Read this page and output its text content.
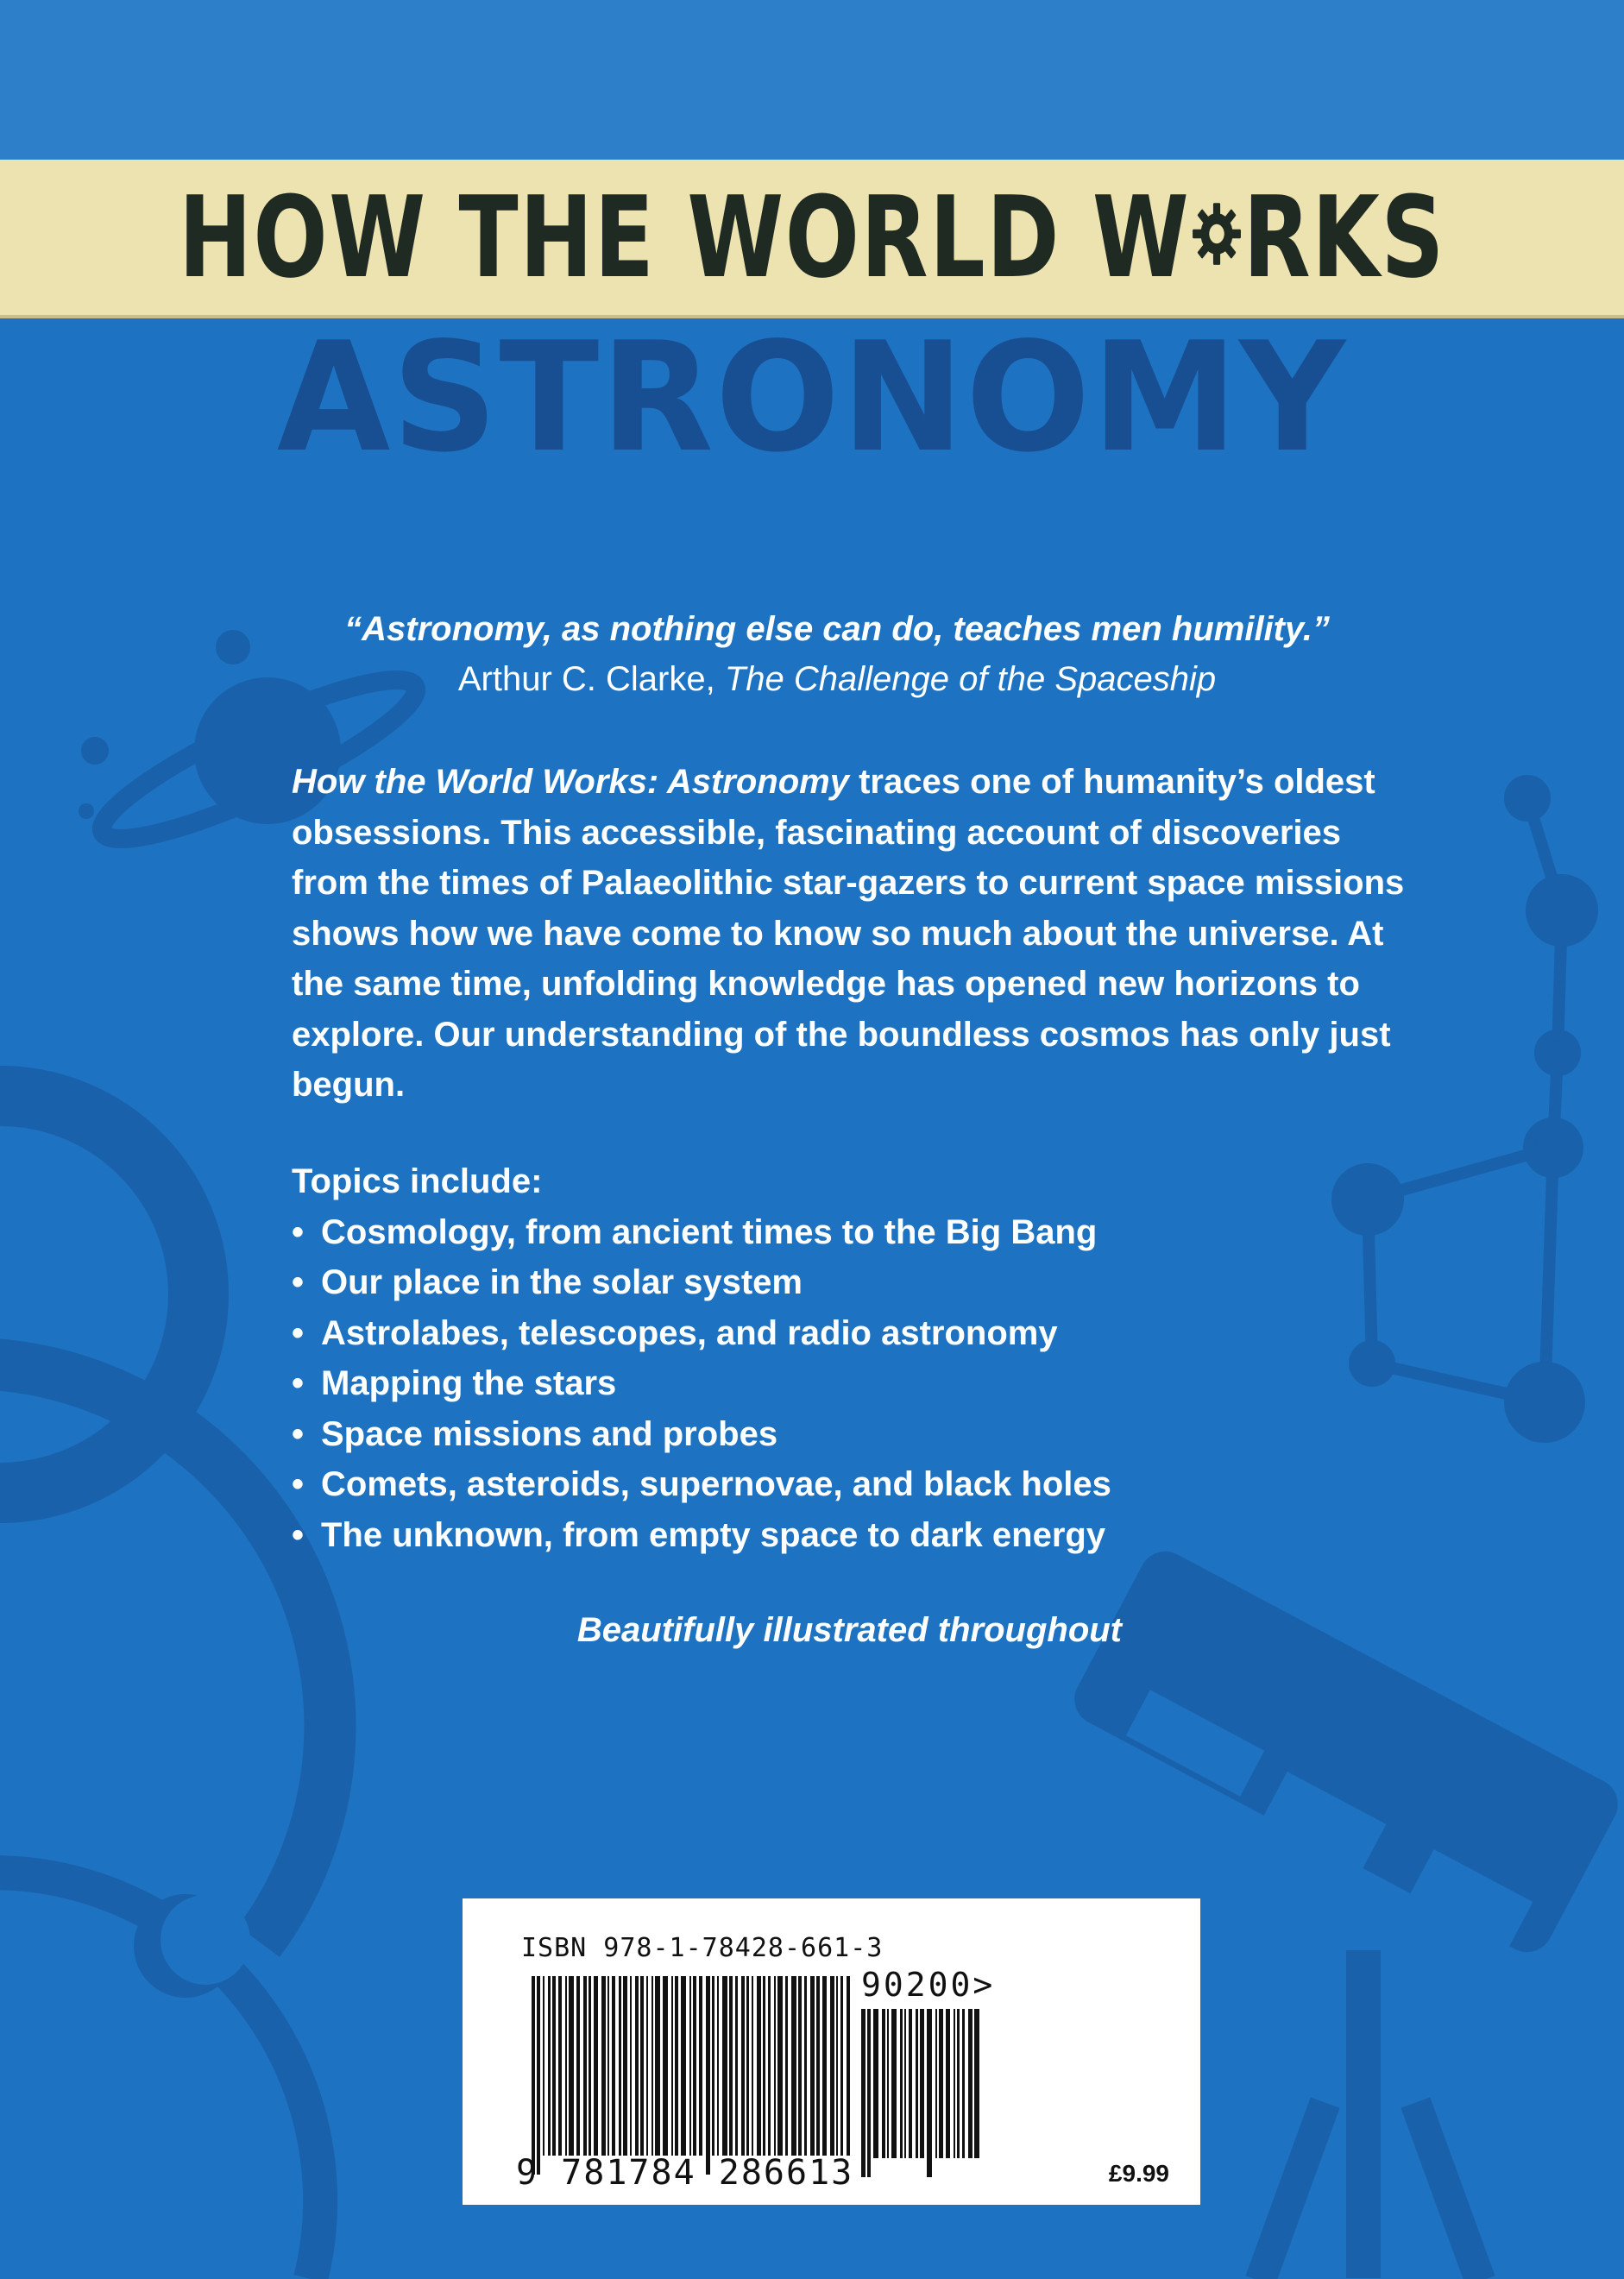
HOW THE WORLD W RKS
ASTRONOMY
“Astronomy, as nothing else can do, teaches men humility.”
Arthur C. Clarke, The Challenge of the Spaceship
How the World Works: Astronomy traces one of humanity’s oldest obsessions. This accessible, fascinating account of discoveries from the times of Palaeolithic star-gazers to current space missions shows how we have come to know so much about the universe. At the same time, unfolding knowledge has opened new horizons to explore. Our understanding of the boundless cosmos has only just begun.
Topics include:
• Cosmology, from ancient times to the Big Bang
• Our place in the solar system
• Astrolabes, telescopes, and radio astronomy
• Mapping the stars
• Space missions and probes
• Comets, asteroids, supernovae, and black holes
• The unknown, from empty space to dark energy
Beautifully illustrated throughout
ISBN 978-1-78428-661-3
90200>
9 781784 286613	£9.99
